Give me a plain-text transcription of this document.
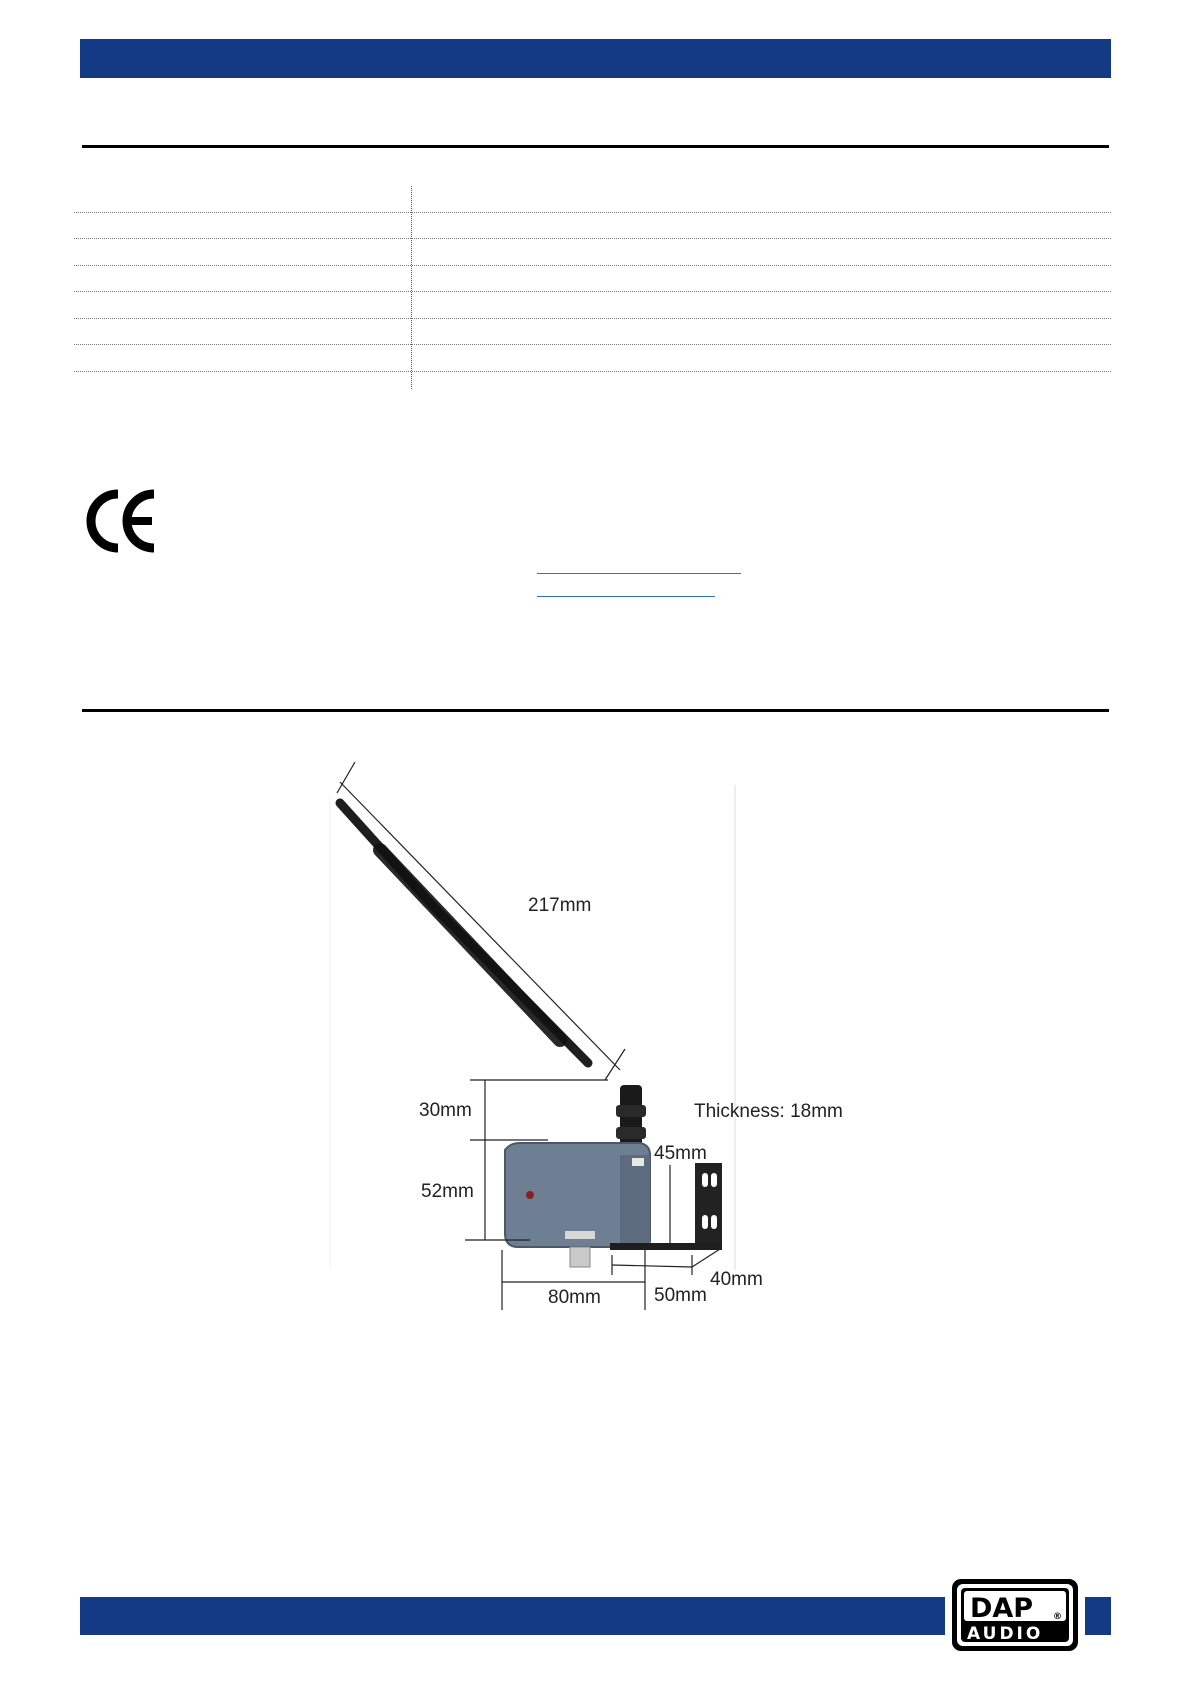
217mm
30mm
52mm
80mm
45mm
50mm
40mm
Thickness: 18mm
DAP ®
AUDIO
